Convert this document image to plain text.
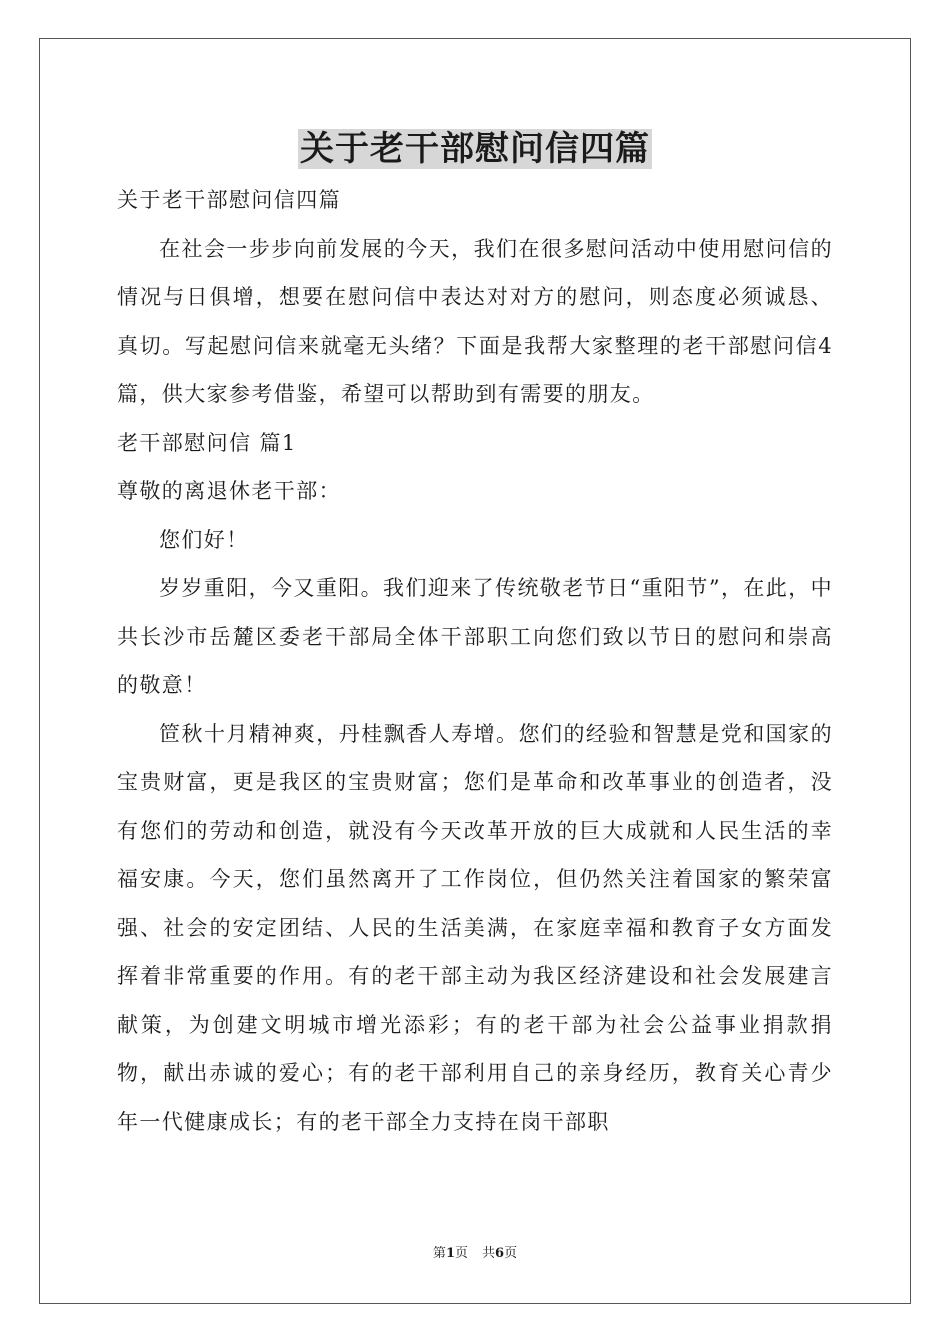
关于老干部慰问信四篇

关于老干部慰问信四篇

在社会一步步向前发展的今天，我们在很多慰问活动中使用慰问信的情况与日俱增，想要在慰问信中表达对对方的慰问，则态度必须诚恳、真切。写起慰问信来就毫无头绪？下面是我帮大家整理的老干部慰问信4篇，供大家参考借鉴，希望可以帮助到有需要的朋友。

老干部慰问信 篇1

尊敬的离退休老干部：

您们好！

岁岁重阳，今又重阳。我们迎来了传统敬老节日“重阳节”，在此，中共长沙市岳麓区委老干部局全体干部职工向您们致以节日的慰问和崇高的敬意！

笸秋十月精神爽，丹桂飘香人寿增。您们的经验和智慧是党和国家的宝贵财富，更是我区的宝贵财富；您们是革命和改革事业的创造者，没有您们的劳动和创造，就没有今天改革开放的巨大成就和人民生活的幸福安康。今天，您们虽然离开了工作岗位，但仍然关注着国家的繁荣富强、社会的安定团结、人民的生活美满，在家庭幸福和教育子女方面发挥着非常重要的作用。有的老干部主动为我区经济建设和社会发展建言献策，为创建文明城市增光添彩；有的老干部为社会公益事业捐款捐物，献出赤诚的爱心；有的老干部利用自己的亲身经历，教育关心青少年一代健康成长；有的老干部全力支持在岗干部职

第1页 共6页
